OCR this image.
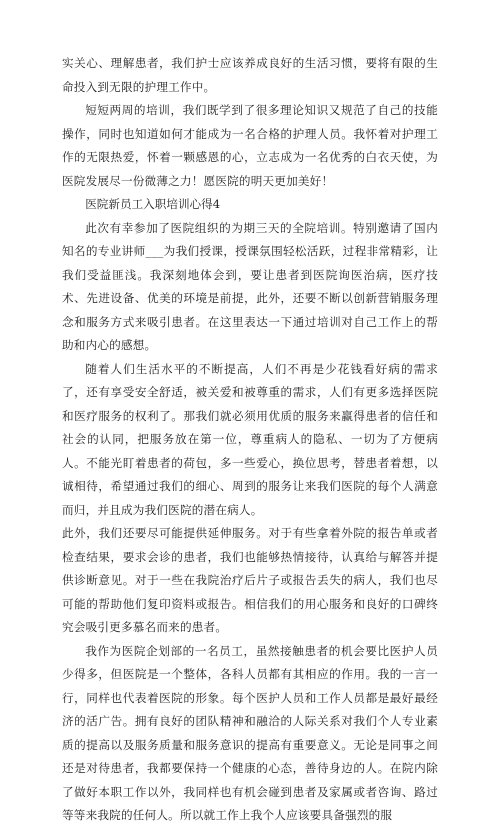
实关心、理解患者，我们护士应该养成良好的生活习惯，要将有限的生命投入到无限的护理工作中。

短短两周的培训，我们既学到了很多理论知识又规范了自己的技能操作，同时也知道如何才能成为一名合格的护理人员。我怀着对护理工作的无限热爱，怀着一颗感恩的心，立志成为一名优秀的白衣天使，为医院发展尽一份微薄之力！愿医院的明天更加美好！

医院新员工入职培训心得4

此次有幸参加了医院组织的为期三天的全院培训。特别邀请了国内知名的专业讲师___为我们授课，授课氛围轻松活跃，过程非常精彩，让我们受益匪浅。我深刻地体会到，要让患者到医院询医治病，医疗技术、先进设备、优美的环境是前提，此外，还要不断以创新营销服务理念和服务方式来吸引患者。在这里表达一下通过培训对自己工作上的帮助和内心的感想。

随着人们生活水平的不断提高，人们不再是少花钱看好病的需求了，还有享受安全舒适，被关爱和被尊重的需求，人们有更多选择医院和医疗服务的权利了。那我们就必须用优质的服务来赢得患者的信任和社会的认同，把服务放在第一位，尊重病人的隐私、一切为了方便病人。不能光盯着患者的荷包，多一些爱心，换位思考，替患者着想，以诚相待，希望通过我们的细心、周到的服务让来我们医院的每个人满意而归，并且成为我们医院的潜在病人。

此外，我们还要尽可能提供延伸服务。对于有些拿着外院的报告单或者检查结果，要求会诊的患者，我们也能够热情接待，认真给与解答并提供诊断意见。对于一些在我院治疗后片子或报告丢失的病人，我们也尽可能的帮助他们复印资料或报告。相信我们的用心服务和良好的口碑终究会吸引更多慕名而来的患者。

我作为医院企划部的一名员工，虽然接触患者的机会要比医护人员少得多，但医院是一个整体，各科人员都有其相应的作用。我的一言一行，同样也代表着医院的形象。每个医护人员和工作人员都是最好最经济的活广告。拥有良好的团队精神和融洽的人际关系对我们个人专业素质的提高以及服务质量和服务意识的提高有重要意义。无论是同事之间还是对待患者，我都要保持一个健康的心态，善待身边的人。在院内除了做好本职工作以外，我同样也有机会碰到患者及家属或者咨询、路过等等来我院的任何人。所以就工作上我个人应该要具备强烈的服
